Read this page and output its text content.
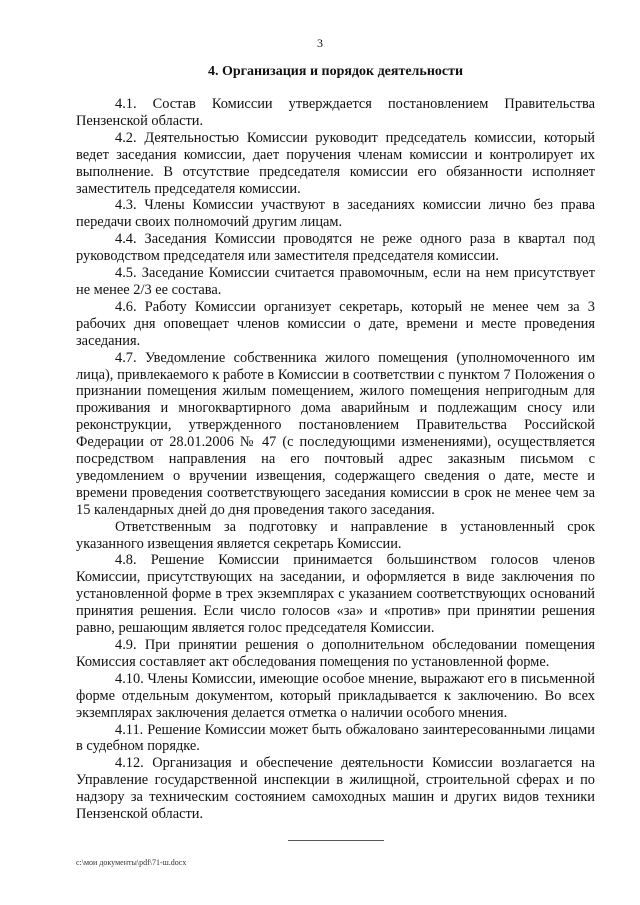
3
4. Организация и порядок деятельности

4.1. Состав Комиссии утверждается постановлением Правительства Пензенской области.

4.2. Деятельностью Комиссии руководит председатель комиссии, который ведет заседания комиссии, дает поручения членам комиссии и контролирует их выполнение. В отсутствие председателя комиссии его обязанности исполняет заместитель председателя комиссии.

4.3. Члены Комиссии участвуют в заседаниях комиссии лично без права передачи своих полномочий другим лицам.

4.4. Заседания Комиссии проводятся не реже одного раза в квартал под руководством председателя или заместителя председателя комиссии.

4.5. Заседание Комиссии считается правомочным, если на нем присутствует не менее 2/3 ее состава.

4.6. Работу Комиссии организует секретарь, который не менее чем за 3 рабочих дня оповещает членов комиссии о дате, времени и месте проведения заседания.

4.7. Уведомление собственника жилого помещения (уполномоченного им лица), привлекаемого к работе в Комиссии в соответствии с пунктом 7 Положения о признании помещения жилым помещением, жилого помещения непригодным для проживания и многоквартирного дома аварийным и подлежащим сносу или реконструкции, утвержденного постановлением Правительства Российской Федерации от 28.01.2006 № 47 (с последующими изменениями), осуществляется посредством направления на его почтовый адрес заказным письмом с уведомлением о вручении извещения, содержащего сведения о дате, месте и времени проведения соответствующего заседания комиссии в срок не менее чем за 15 календарных дней до дня проведения такого заседания.

Ответственным за подготовку и направление в установленный срок указанного извещения является секретарь Комиссии.

4.8. Решение Комиссии принимается большинством голосов членов Комиссии, присутствующих на заседании, и оформляется в виде заключения по установленной форме в трех экземплярах с указанием соответствующих оснований принятия решения. Если число голосов «за» и «против» при принятии решения равно, решающим является голос председателя Комиссии.

4.9. При принятии решения о дополнительном обследовании помещения Комиссия составляет акт обследования помещения по установленной форме.

4.10. Члены Комиссии, имеющие особое мнение, выражают его в письменной форме отдельным документом, который прикладывается к заключению. Во всех экземплярах заключения делается отметка о наличии особого мнения.

4.11. Решение Комиссии может быть обжаловано заинтересованными лицами в судебном порядке.

4.12. Организация и обеспечение деятельности Комиссии возлагается на Управление государственной инспекции в жилищной, строительной сферах и по надзору за техническим состоянием самоходных машин и других видов техники Пензенской области.

c:\мои документы\pdf\71-ш.docx
